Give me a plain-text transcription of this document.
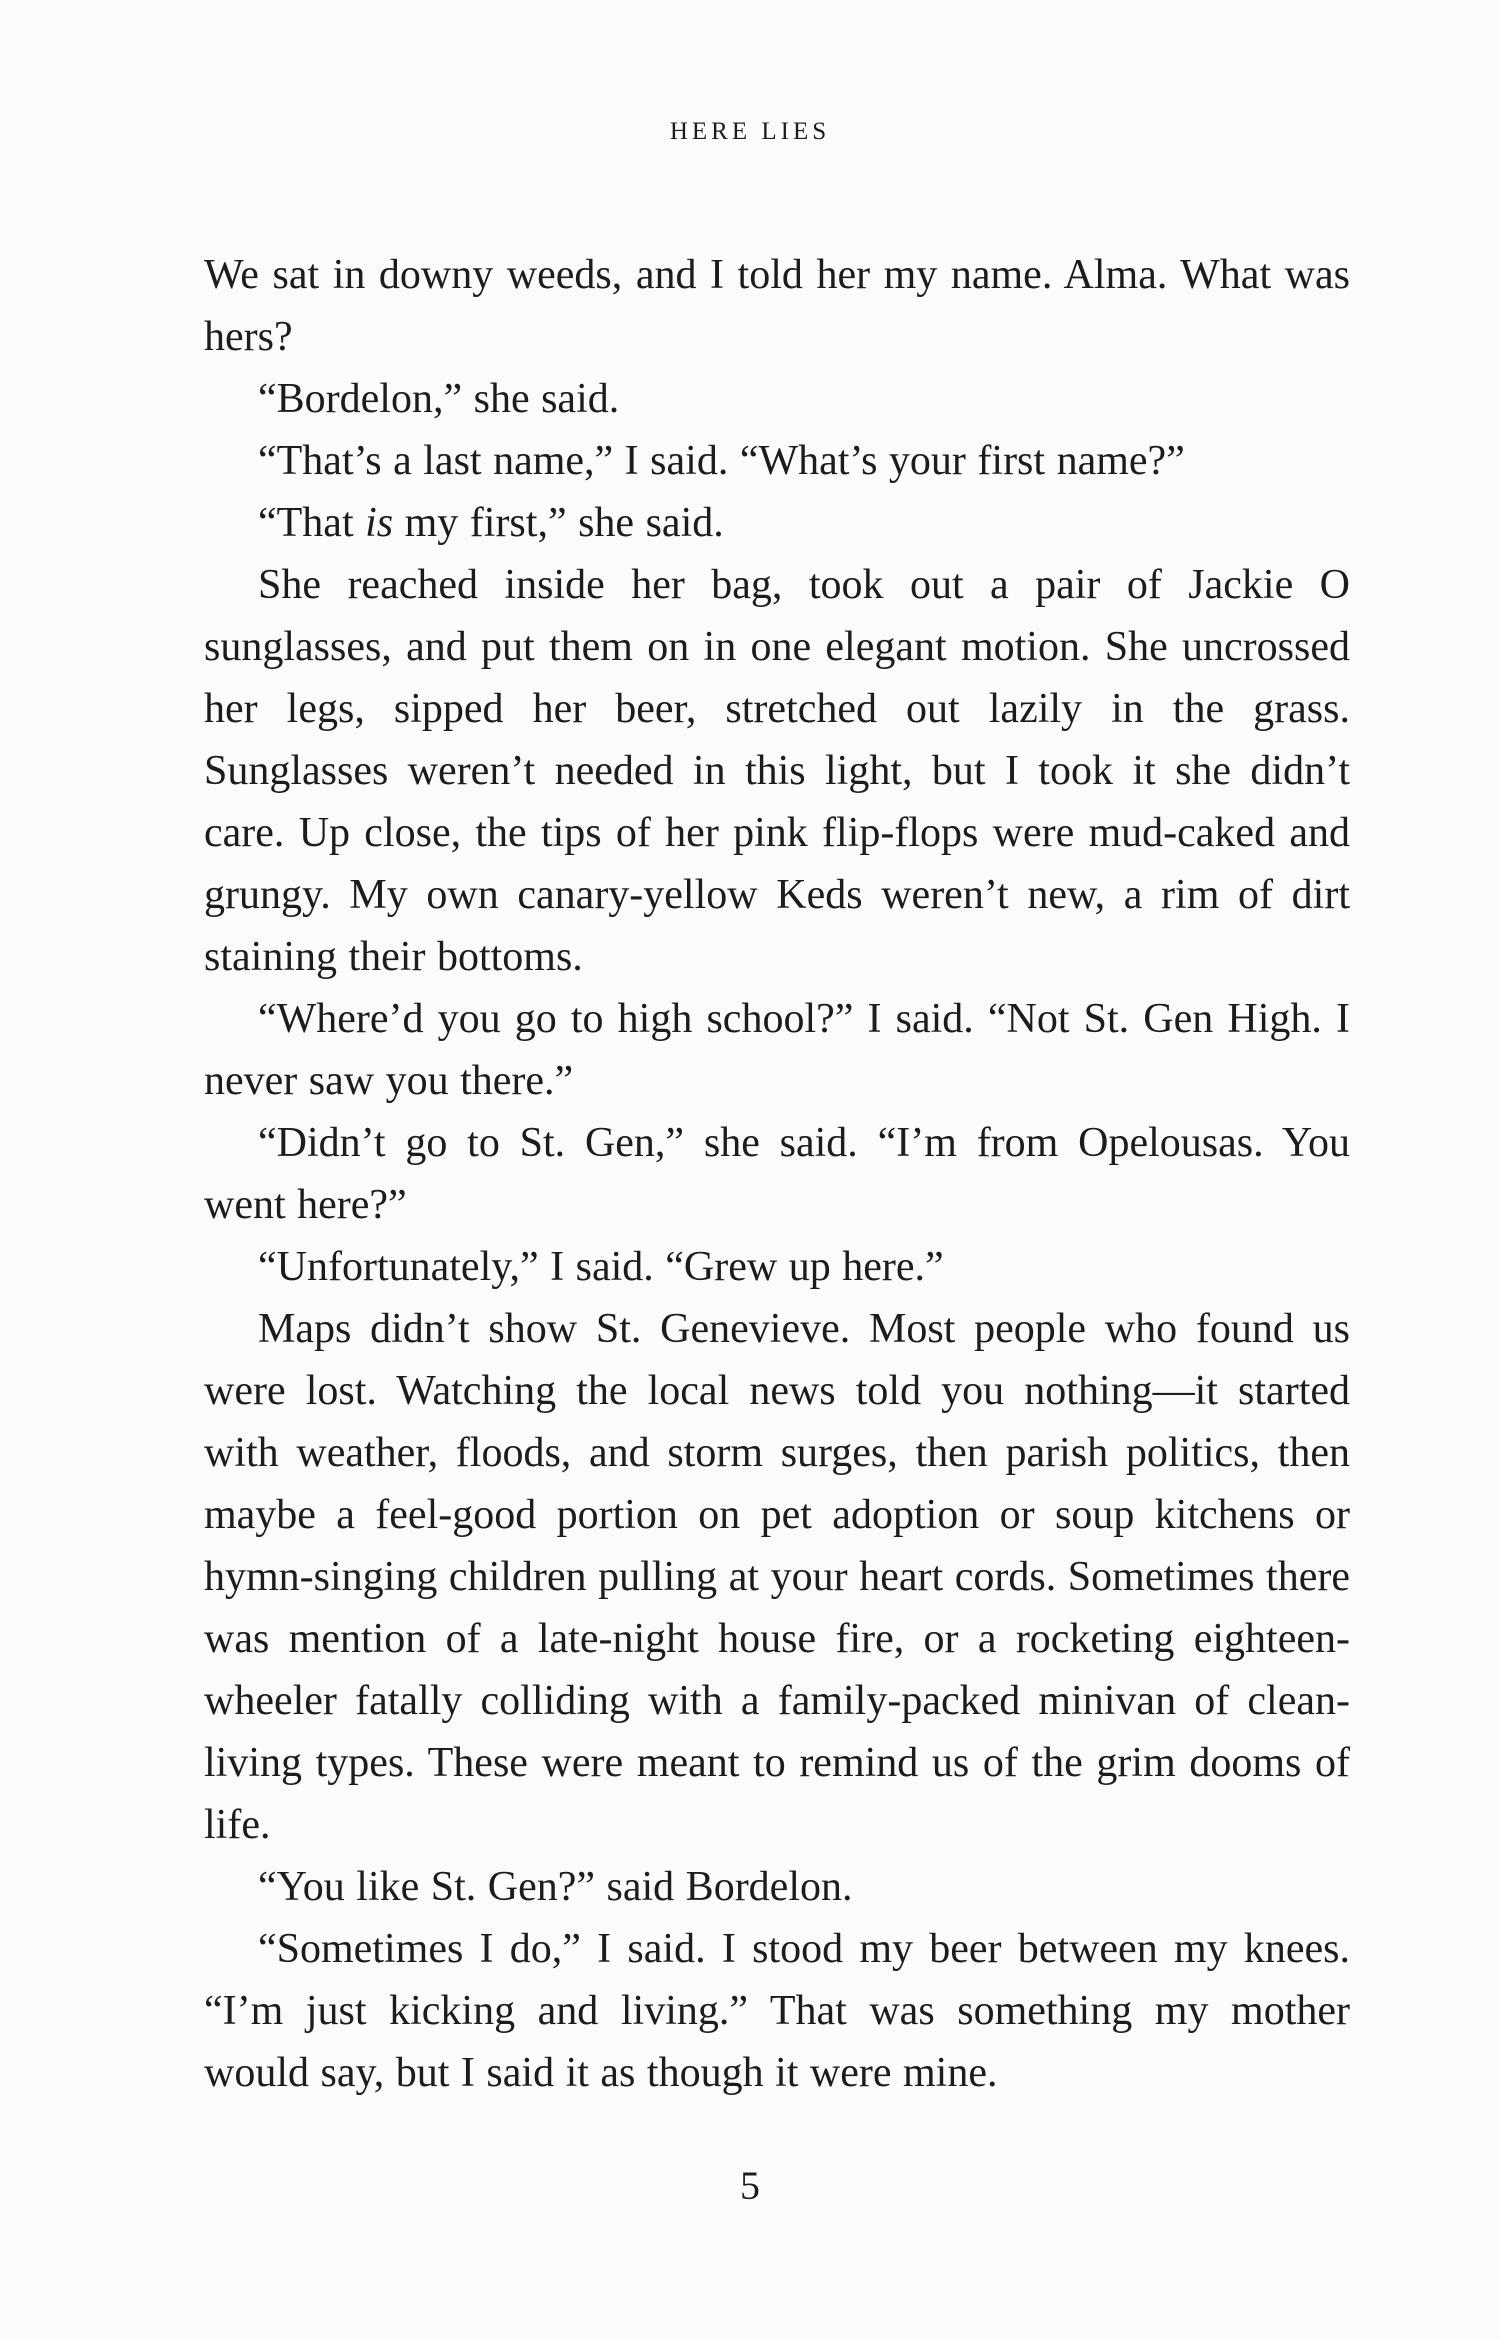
HERE LIES

We sat in downy weeds, and I told her my name. Alma. What was hers?

“Bordelon,” she said.

“That’s a last name,” I said. “What’s your first name?”

“That is my first,” she said.

She reached inside her bag, took out a pair of Jackie O sunglasses, and put them on in one elegant motion. She uncrossed her legs, sipped her beer, stretched out lazily in the grass. Sunglasses weren’t needed in this light, but I took it she didn’t care. Up close, the tips of her pink flip-flops were mud-caked and grungy. My own canary-yellow Keds weren’t new, a rim of dirt staining their bottoms.

“Where’d you go to high school?” I said. “Not St. Gen High. I never saw you there.”

“Didn’t go to St. Gen,” she said. “I’m from Opelousas. You went here?”

“Unfortunately,” I said. “Grew up here.”

Maps didn’t show St. Genevieve. Most people who found us were lost. Watching the local news told you nothing—it started with weather, floods, and storm surges, then parish politics, then maybe a feel-good portion on pet adoption or soup kitchens or hymn-singing children pulling at your heart cords. Sometimes there was mention of a late-night house fire, or a rocketing eighteen-wheeler fatally colliding with a family-packed minivan of clean-living types. These were meant to remind us of the grim dooms of life.

“You like St. Gen?” said Bordelon.

“Sometimes I do,” I said. I stood my beer between my knees. “I’m just kicking and living.” That was something my mother would say, but I said it as though it were mine.

5
